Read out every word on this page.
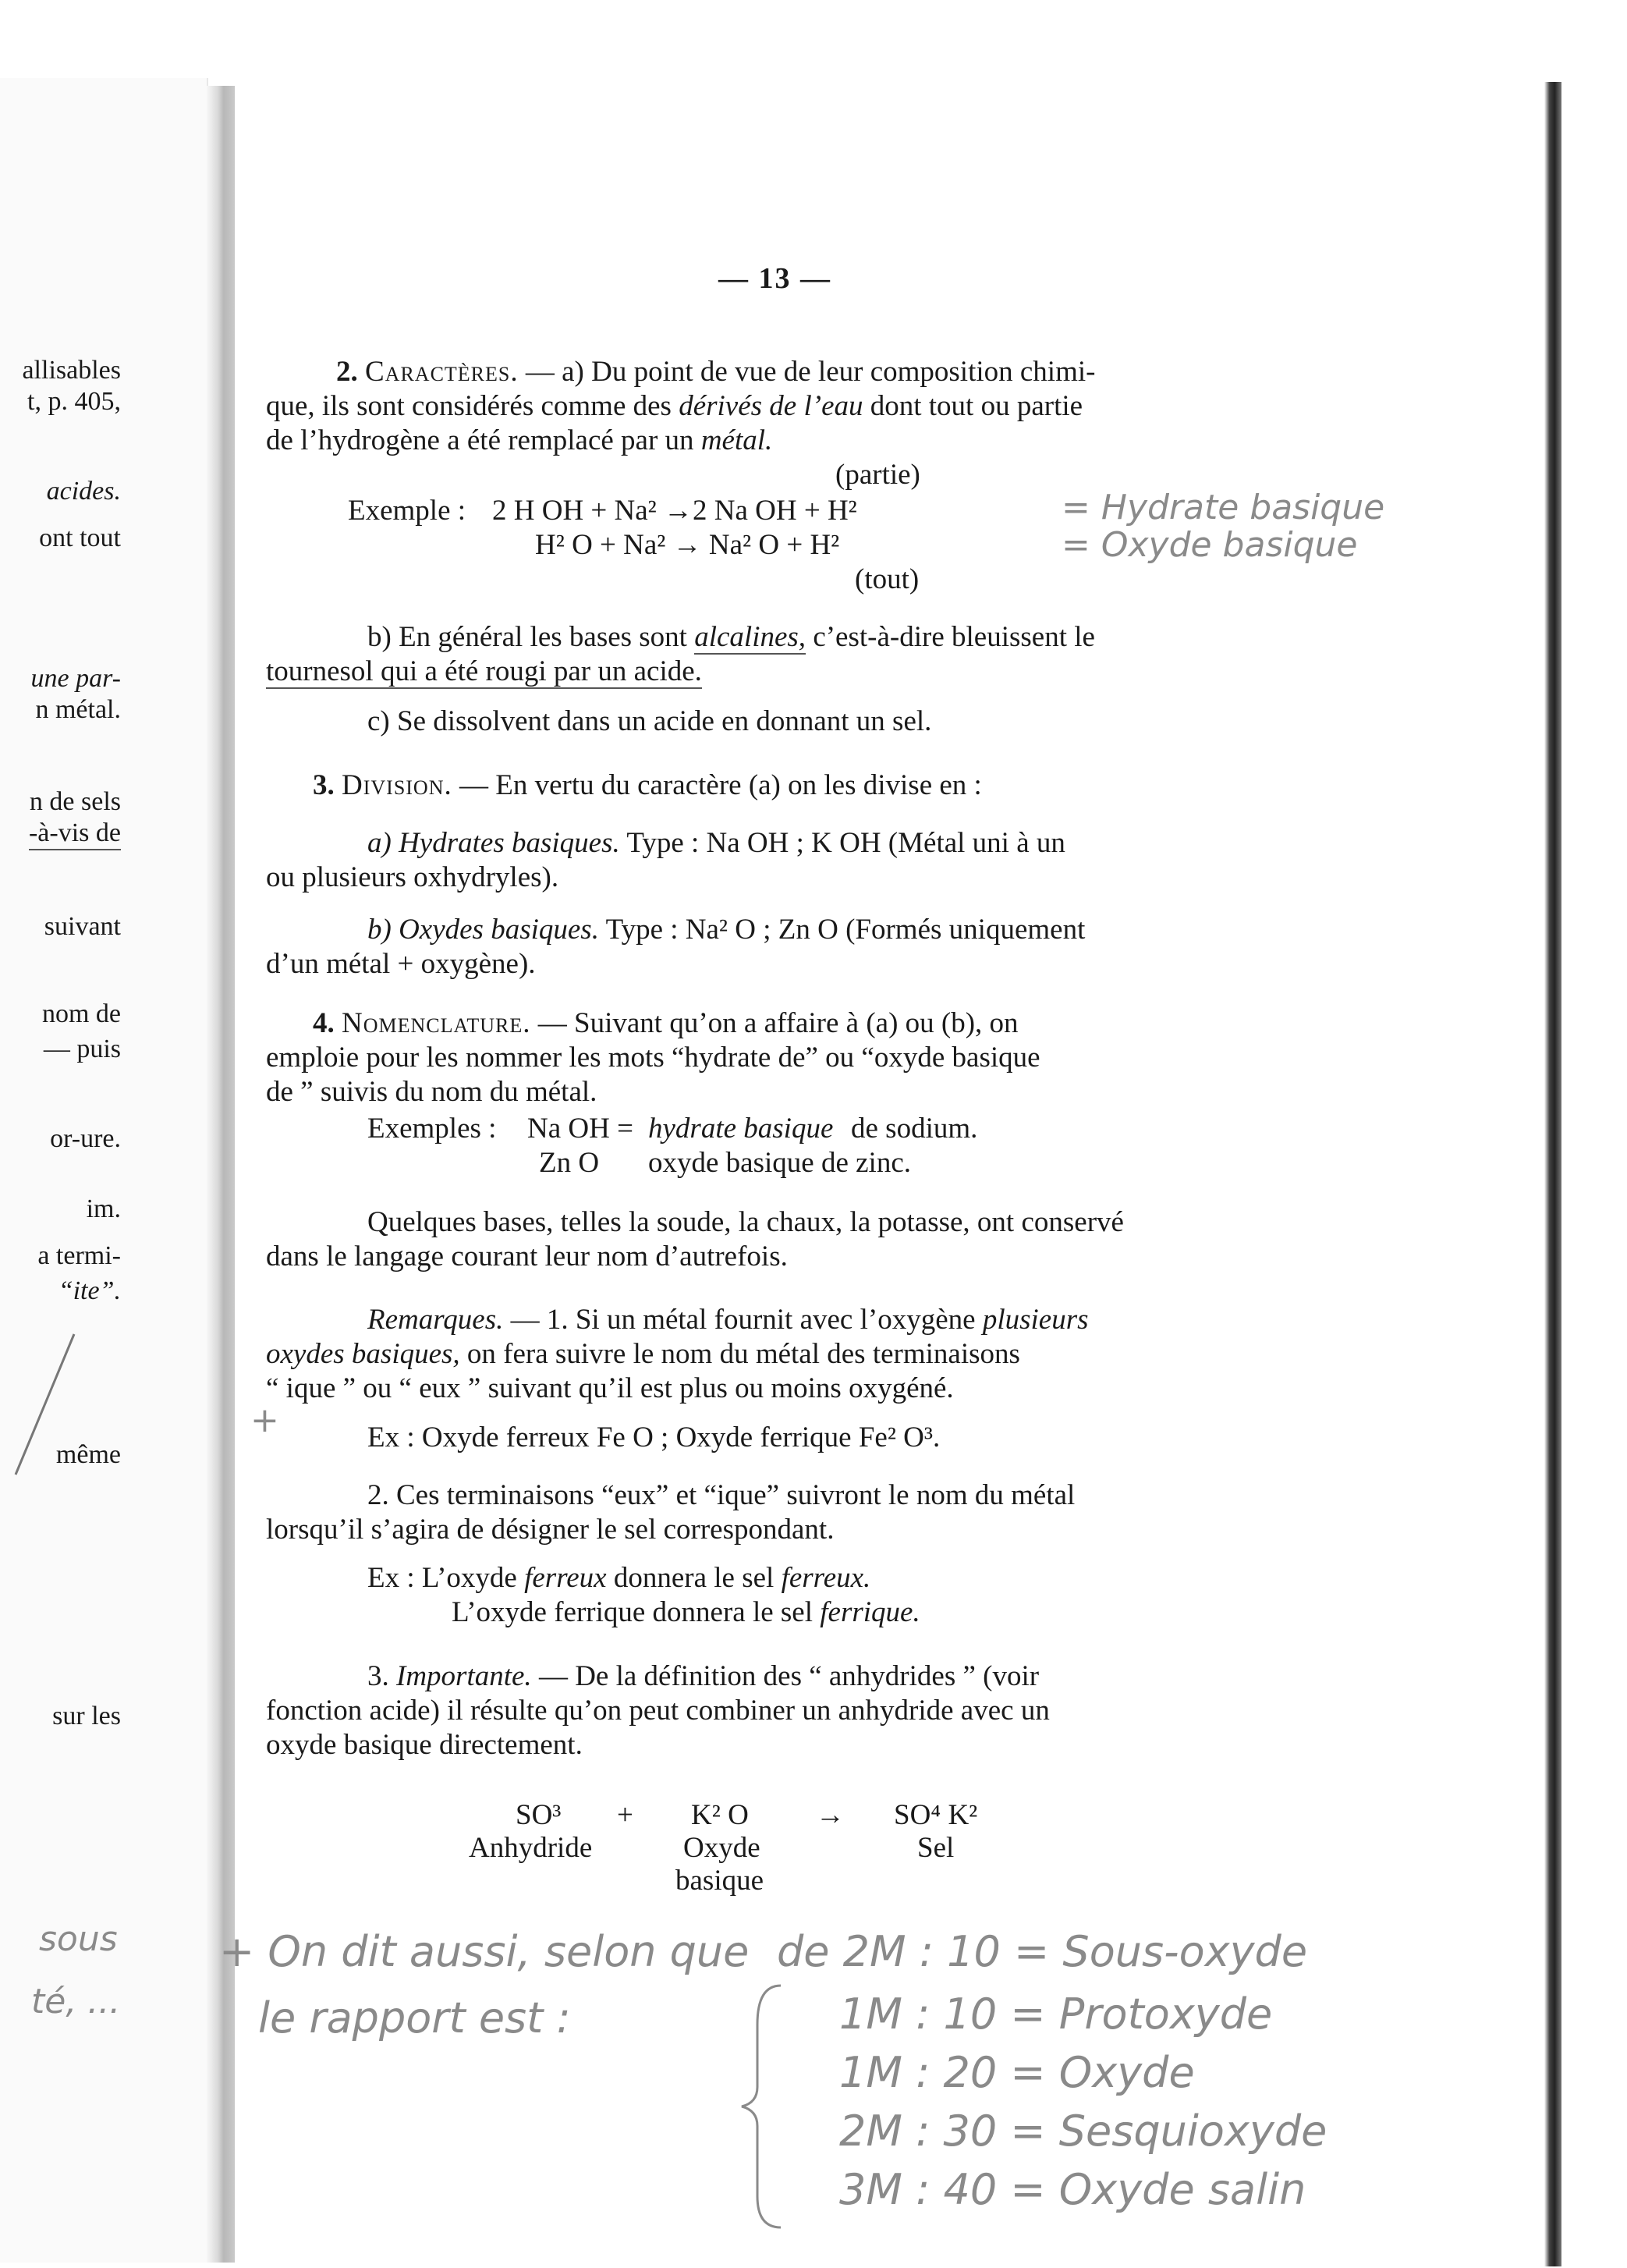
allisables
t, p. 405,
acides.
ont tout
une par-
n métal.
n de sels
-à-vis de
suivant
nom de
— puis
or-ure.
im.
a termi-
“ite”.
même
sur les
sous
té, ...
— 13 —
2. Caractères. — a) Du point de vue de leur composition chimi-
que, ils sont considérés comme des dérivés de l’eau dont tout ou partie
de l’hydrogène a été remplacé par un métal.
(partie)
Exemple : 2 H OH + Na² →2 Na OH + H²
H² O + Na² → Na² O + H²
(tout)
= Hydrate basique
= Oxyde basique
b) En général les bases sont alcalines, c’est-à-dire bleuissent le
tournesol qui a été rougi par un acide.
c) Se dissolvent dans un acide en donnant un sel.
3. Division. — En vertu du caractère (a) on les divise en :
a) Hydrates basiques. Type : Na OH ; K OH (Métal uni à un
ou plusieurs oxhydryles).
b) Oxydes basiques. Type : Na² O ; Zn O (Formés uniquement
d’un métal + oxygène).
4. Nomenclature. — Suivant qu’on a affaire à (a) ou (b), on
emploie pour les nommer les mots “hydrate de” ou “oxyde basique
de ” suivis du nom du métal.
Exemples : Na OH = hydrate basique de sodium.
Zn O oxyde basique de zinc.
Quelques bases, telles la soude, la chaux, la potasse, ont conservé
dans le langage courant leur nom d’autrefois.
Remarques. — 1. Si un métal fournit avec l’oxygène plusieurs
oxydes basiques, on fera suivre le nom du métal des terminaisons
“ ique ” ou “ eux ” suivant qu’il est plus ou moins oxygéné.
Ex : Oxyde ferreux Fe O ; Oxyde ferrique Fe² O³.
+
2. Ces terminaisons “eux” et “ique” suivront le nom du métal
lorsqu’il s’agira de désigner le sel correspondant.
Ex : L’oxyde ferreux donnera le sel ferreux.
L’oxyde ferrique donnera le sel ferrique.
3. Importante. — De la définition des “ anhydrides ” (voir
fonction acide) il résulte qu’on peut combiner un anhydride avec un
oxyde basique directement.
SO³ + K² O → SO⁴ K²
Anhydride	Oxyde
basique
Sel
+ On dit aussi, selon que
le rapport est :
de 2M : 10 = Sous-oxyde
1M : 10 = Protoxyde
1M : 20 = Oxyde
2M : 30 = Sesquioxyde
3M : 40 = Oxyde salin
